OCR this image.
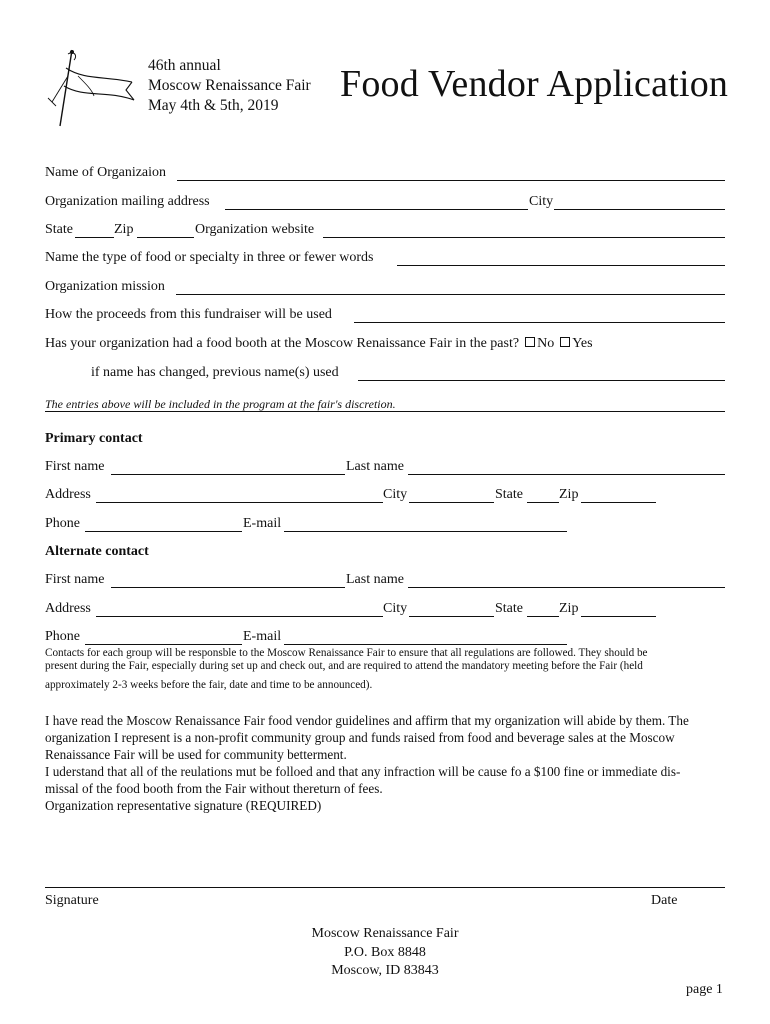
46th annual
Moscow Renaissance Fair
May 4th & 5th, 2019
Food Vendor Application
Name of Organizaion
Organization mailing address	City
State	Zip	Organization website
Name the type of food or specialty in three or fewer words
Organization mission
How the proceeds from this fundraiser will be used
Has your organization had a food booth at the Moscow Renaissance Fair in the past? No Yes
if name has changed, previous name(s) used
The entries above will be included in the program at the fair's discretion.
Primary contact
First name	Last name
Address	City	State	Zip
Phone	E-mail
Alternate contact
First name	Last name
Address	City	State	Zip
Phone	E-mail
Contacts for each group will be responsble to the Moscow Renaissance Fair to ensure that all regulations are followed. They should be
present during the Fair, especially during set up and check out, and are required to attend the mandatory meeting before the Fair (held
approximately 2-3 weeks before the fair, date and time to be announced).
I have read the Moscow Renaissance Fair food vendor guidelines and affirm that my organization will abide by them. The
organization I represent is a non-profit community group and funds raised from food and beverage sales at the Moscow
Renaissance Fair will be used for community betterment.
I uderstand that all of the reulations mut be folloed and that any infraction will be cause fo a $100 fine or immediate dis-
missal of the food booth from the Fair without thereturn of fees.
Organization representative signature (REQUIRED)
Signature	Date
Moscow Renaissance Fair
P.O. Box 8848
Moscow, ID 83843
page 1
